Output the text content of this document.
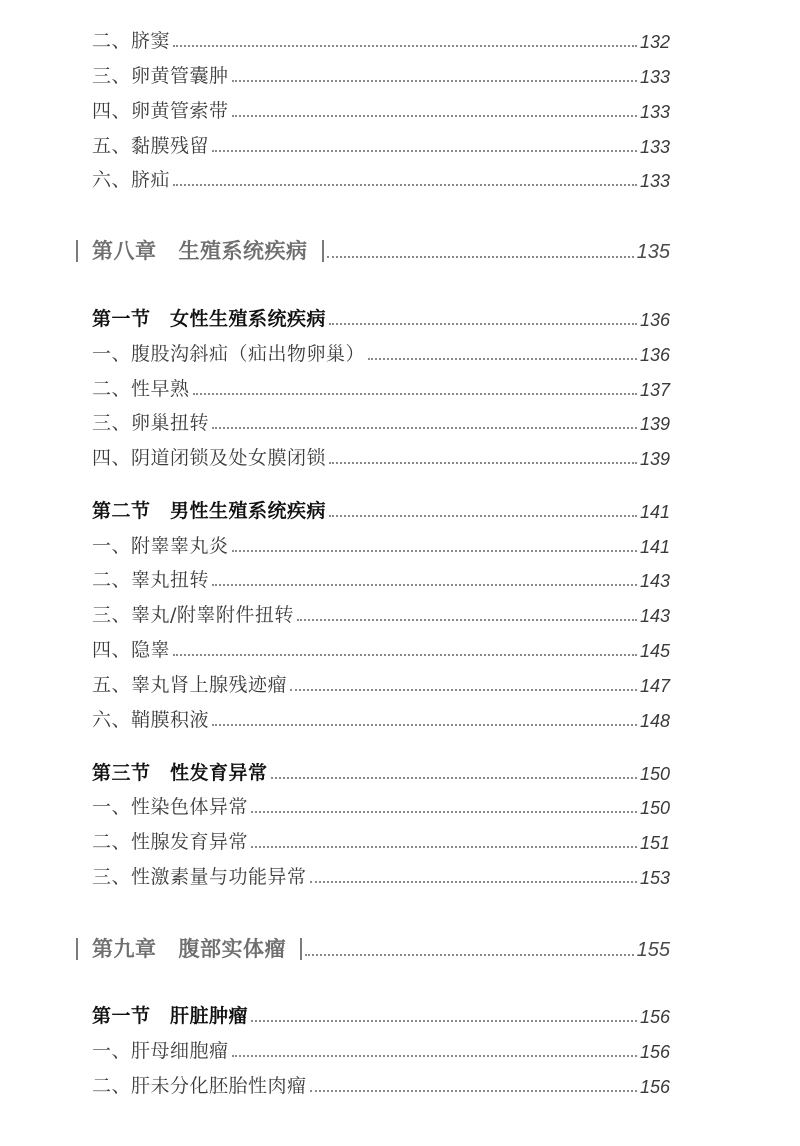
二、脐窦	132
三、卵黄管囊肿	133
四、卵黄管索带	133
五、黏膜残留	133
六、脐疝	133
第八章 生殖系统疾病	135
第一节　 女性生殖系统疾病	136
一、腹股沟斜疝（疝出物卵巢）	136
二、性早熟	137
三、卵巢扭转	139
四、阴道闭锁及处女膜闭锁	139
第二节　 男性生殖系统疾病	141
一、附睾睾丸炎	141
二、睾丸扭转	143
三、睾丸/附睾附件扭转	143
四、隐睾	145
五、睾丸肾上腺残迹瘤	147
六、鞘膜积液	148
第三节　 性发育异常	150
一、性染色体异常	150
二、性腺发育异常	151
三、性激素量与功能异常	153
第九章 腹部实体瘤	155
第一节　 肝脏肿瘤	156
一、肝母细胞瘤	156
二、肝未分化胚胎性肉瘤	156
